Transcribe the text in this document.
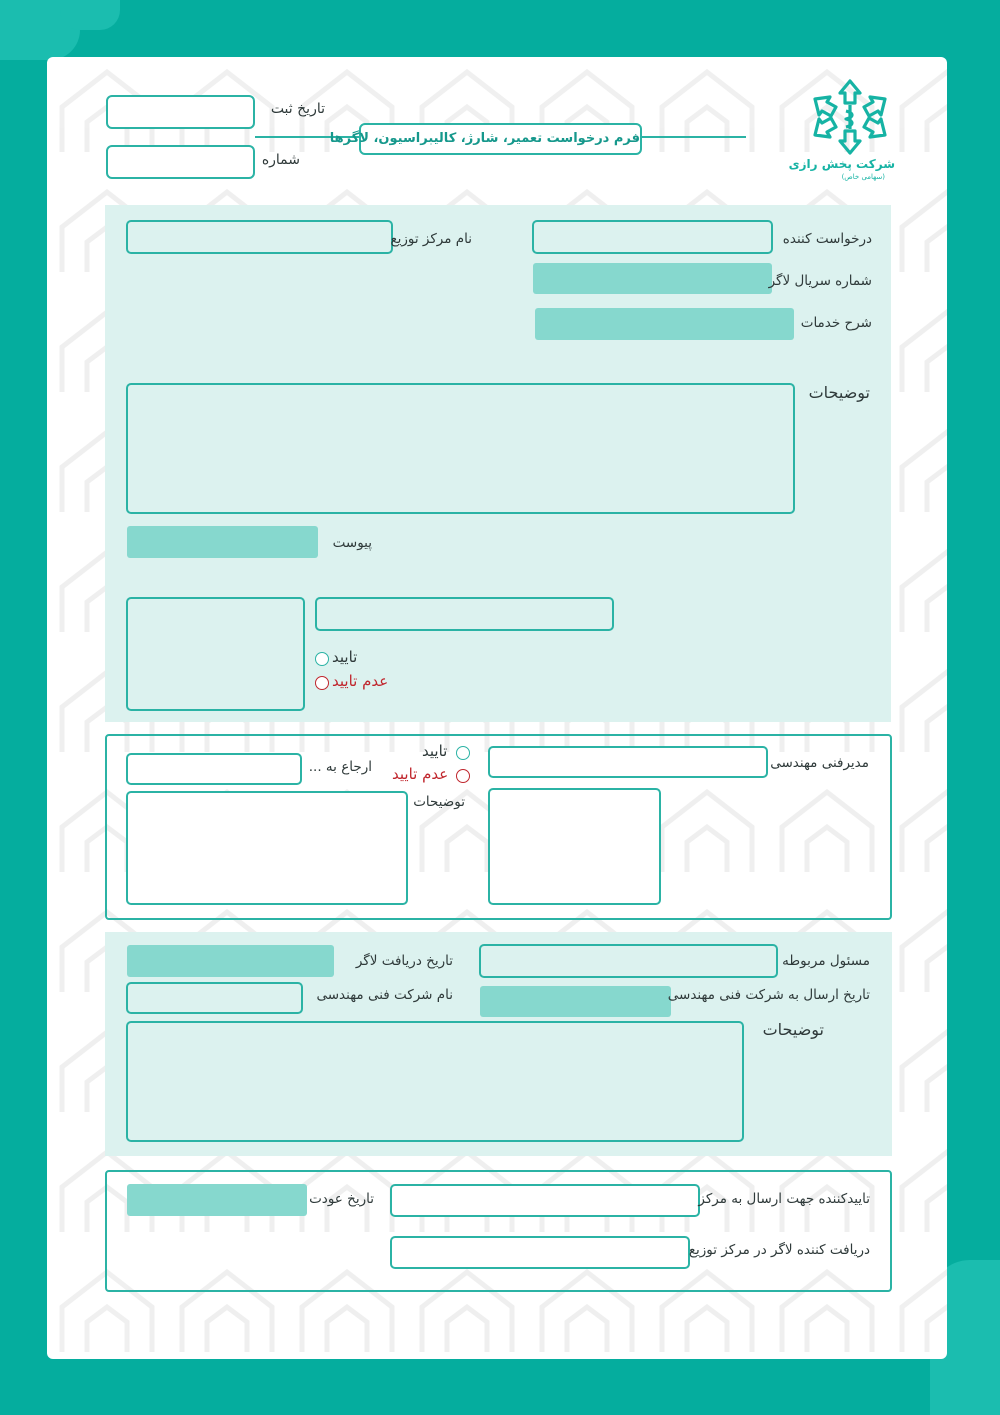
شرکت پخش رازی
(سهامی خاص)
تاریخ ثبت
شماره
فرم درخواست تعمیر، شارژ، کالیبراسیون، لاگرها
نام مرکز توزیع	درخواست کننده
شماره سریال لاگر
شرح خدمات
توضیحات
پیوست
تایید
عدم تایید
مدیرفنی مهندسی
تایید
عدم تایید
ارجاع به ...
توضیحات
مسئول مربوطه
تاریخ دریافت لاگر
تاریخ ارسال به شرکت فنی مهندسی
نام شرکت فنی مهندسی
توضیحات
تاریخ عودت	تاییدکننده جهت ارسال به مرکز
دریافت کننده لاگر در مرکز توزیع
